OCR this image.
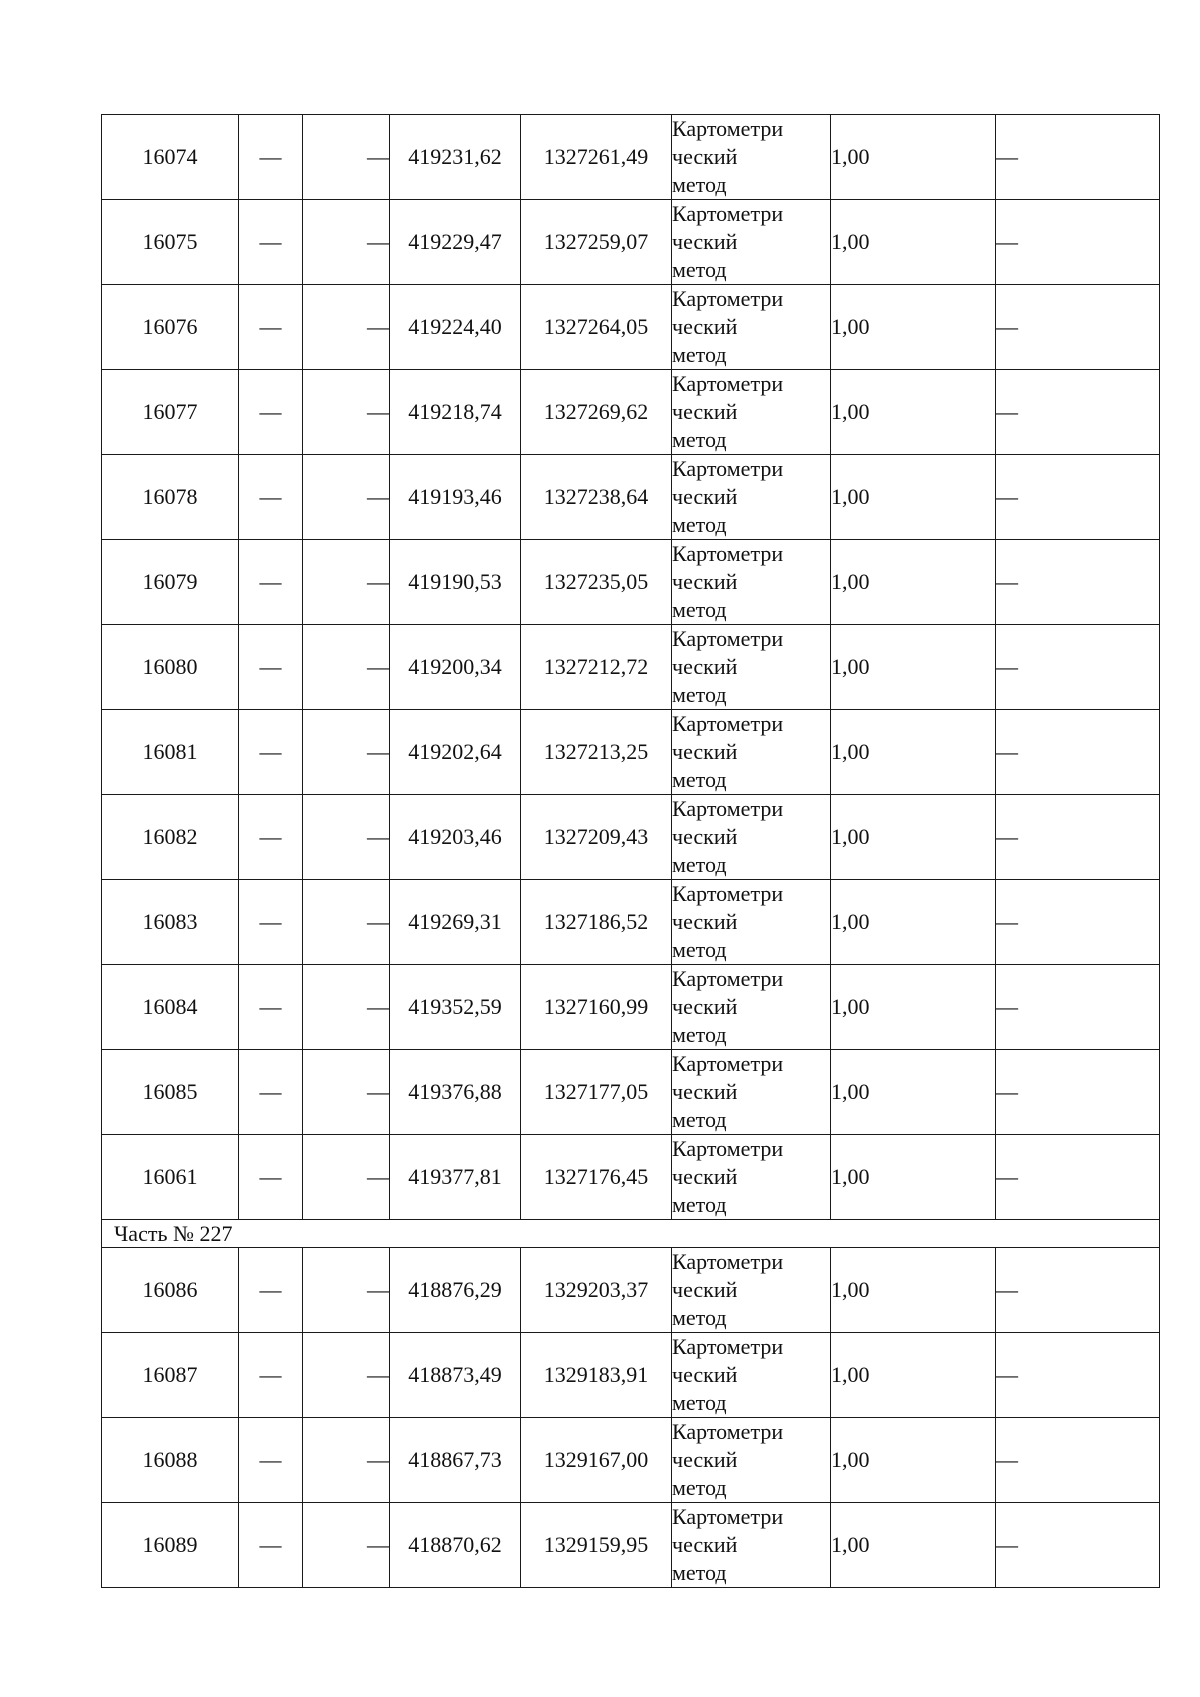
16074	—	—	419231,62	1327261,49	Картометри
ческий
метод	1,00	—
16075	—	—	419229,47	1327259,07	Картометри
ческий
метод	1,00	—
16076	—	—	419224,40	1327264,05	Картометри
ческий
метод	1,00	—
16077	—	—	419218,74	1327269,62	Картометри
ческий
метод	1,00	—
16078	—	—	419193,46	1327238,64	Картометри
ческий
метод	1,00	—
16079	—	—	419190,53	1327235,05	Картометри
ческий
метод	1,00	—
16080	—	—	419200,34	1327212,72	Картометри
ческий
метод	1,00	—
16081	—	—	419202,64	1327213,25	Картометри
ческий
метод	1,00	—
16082	—	—	419203,46	1327209,43	Картометри
ческий
метод	1,00	—
16083	—	—	419269,31	1327186,52	Картометри
ческий
метод	1,00	—
16084	—	—	419352,59	1327160,99	Картометри
ческий
метод	1,00	—
16085	—	—	419376,88	1327177,05	Картометри
ческий
метод	1,00	—
16061	—	—	419377,81	1327176,45	Картометри
ческий
метод	1,00	—
Часть № 227							
16086	—	—	418876,29	1329203,37	Картометри
ческий
метод	1,00	—
16087	—	—	418873,49	1329183,91	Картометри
ческий
метод	1,00	—
16088	—	—	418867,73	1329167,00	Картометри
ческий
метод	1,00	—
16089	—	—	418870,62	1329159,95	Картометри
ческий
метод	1,00	—
